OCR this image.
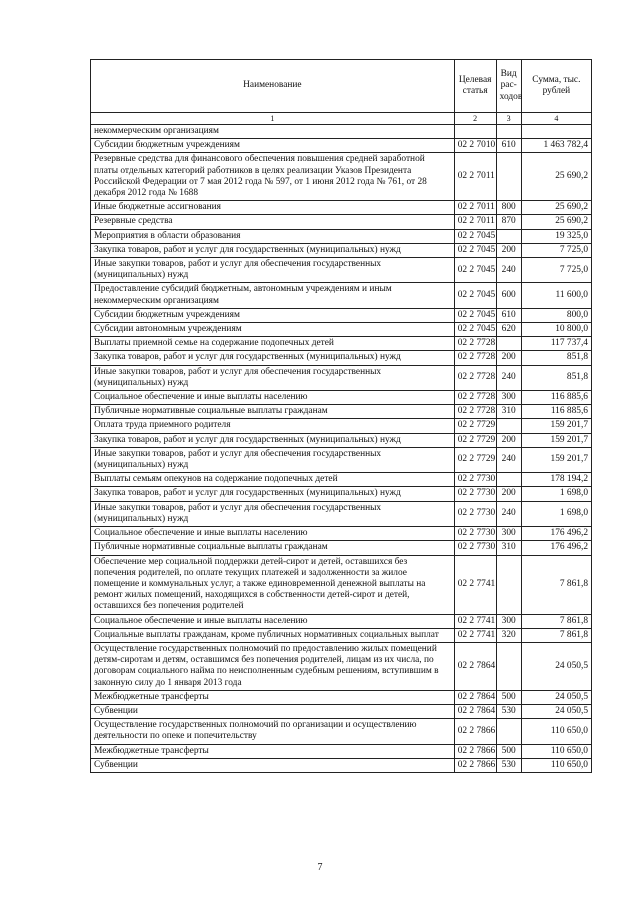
Наименование	Целевая статья	Вид рас-ходов	Сумма, тыс. рублей
1	2	3	4
некоммерческим организациям			
Субсидии бюджетным учреждениям	02 2 7010	610	1 463 782,4
Резервные средства для финансового обеспечения повышения средней заработной платы отдельных категорий работников в целях реализации Указов Президента Российской Федерации от 7 мая 2012 года № 597, от 1 июня 2012 года № 761, от 28 декабря 2012 года № 1688	02 2 7011		25 690,2
Иные бюджетные ассигнования	02 2 7011	800	25 690,2
Резервные средства	02 2 7011	870	25 690,2
Мероприятия в области образования	02 2 7045		19 325,0
Закупка товаров, работ и услуг для государственных (муниципальных) нужд	02 2 7045	200	7 725,0
Иные закупки товаров, работ и услуг для обеспечения государственных (муниципальных) нужд	02 2 7045	240	7 725,0
Предоставление субсидий бюджетным, автономным учреждениям и иным некоммерческим организациям	02 2 7045	600	11 600,0
Субсидии бюджетным учреждениям	02 2 7045	610	800,0
Субсидии автономным учреждениям	02 2 7045	620	10 800,0
Выплаты приемной семье на содержание подопечных детей	02 2 7728		117 737,4
Закупка товаров, работ и услуг для государственных (муниципальных) нужд	02 2 7728	200	851,8
Иные закупки товаров, работ и услуг для обеспечения государственных (муниципальных) нужд	02 2 7728	240	851,8
Социальное обеспечение и иные выплаты населению	02 2 7728	300	116 885,6
Публичные нормативные социальные выплаты гражданам	02 2 7728	310	116 885,6
Оплата труда приемного родителя	02 2 7729		159 201,7
Закупка товаров, работ и услуг для государственных (муниципальных) нужд	02 2 7729	200	159 201,7
Иные закупки товаров, работ и услуг для обеспечения государственных (муниципальных) нужд	02 2 7729	240	159 201,7
Выплаты семьям опекунов на содержание подопечных детей	02 2 7730		178 194,2
Закупка товаров, работ и услуг для государственных (муниципальных) нужд	02 2 7730	200	1 698,0
Иные закупки товаров, работ и услуг для обеспечения государственных (муниципальных) нужд	02 2 7730	240	1 698,0
Социальное обеспечение и иные выплаты населению	02 2 7730	300	176 496,2
Публичные нормативные социальные выплаты гражданам	02 2 7730	310	176 496,2
Обеспечение мер социальной поддержки детей-сирот и детей, оставшихся без попечения родителей, по оплате текущих платежей и задолженности за жилое помещение и коммунальных услуг, а также единовременной денежной выплаты на ремонт жилых помещений, находящихся в собственности детей-сирот и детей, оставшихся без попечения родителей	02 2 7741		7 861,8
Социальное обеспечение и иные выплаты населению	02 2 7741	300	7 861,8
Социальные выплаты гражданам, кроме публичных нормативных социальных выплат	02 2 7741	320	7 861,8
Осуществление государственных полномочий по предоставлению жилых помещений детям-сиротам и детям, оставшимся без попечения родителей, лицам из их числа, по договорам социального найма по неисполненным судебным решениям, вступившим в законную силу до 1 января 2013 года	02 2 7864		24 050,5
Межбюджетные трансферты	02 2 7864	500	24 050,5
Субвенции	02 2 7864	530	24 050,5
Осуществление государственных полномочий по организации и осуществлению деятельности по опеке и попечительству	02 2 7866		110 650,0
Межбюджетные трансферты	02 2 7866	500	110 650,0
Субвенции	02 2 7866	530	110 650,0
7
